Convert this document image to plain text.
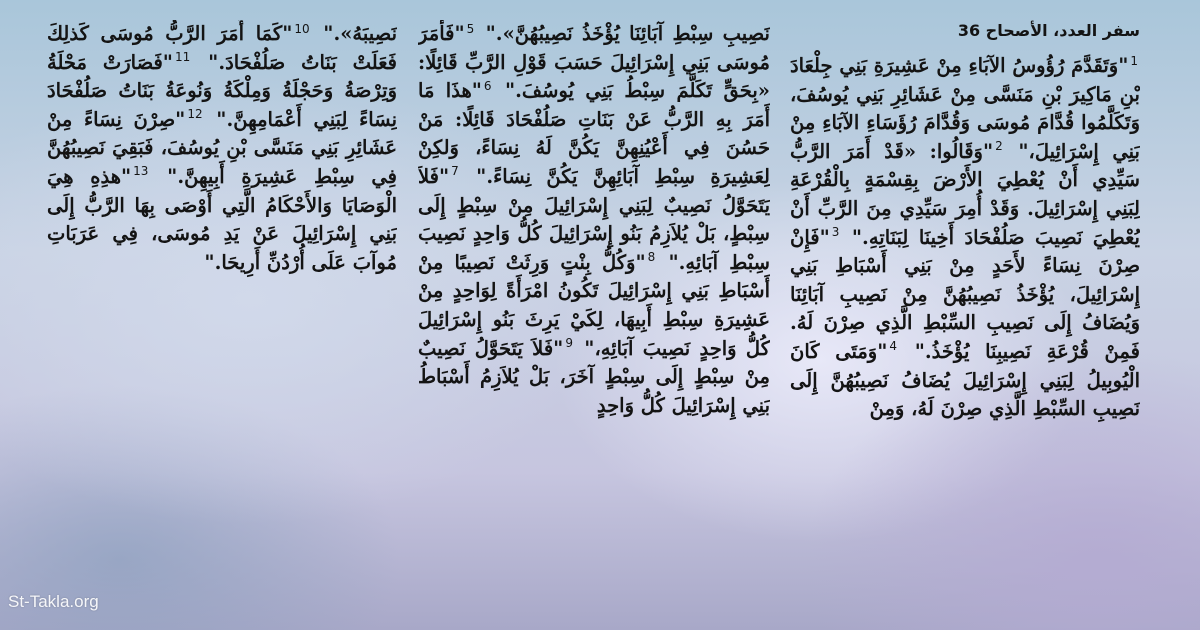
سفر العدد، الأصحاح 36
$^1$"وَتَقَدَّمَ رُؤُوسُ الآبَاءِ مِنْ عَشِيرَةِ بَنِي جِلْعَادَ بْنِ مَاكِيرَ بْنِ مَنَسَّى مِنْ عَشَائِرِ بَنِي يُوسُفَ، وَتَكَلَّمُوا قُدَّامَ مُوسَى وَقُدَّامَ رُؤَسَاءِ الآبَاءِ مِنْ بَنِي إِسْرَائِيلَ،" $^2$"وَقَالُوا: «قَدْ أَمَرَ الرَّبُّ سَيِّدِي أَنْ يُعْطِيَ الأَرْضَ بِقِسْمَةٍ بِالْقُرْعَةِ لِبَنِي إِسْرَائِيلَ. وَقَدْ أُمِرَ سَيِّدِي مِنَ الرَّبِّ أَنْ يُعْطِيَ نَصِيبَ صَلُفْحَادَ أَخِينَا لِبَنَاتِهِ." $^3$"فَإِنْ صِرْنَ نِسَاءً لأَحَدٍ مِنْ بَنِي أَسْبَاطِ بَنِي إِسْرَائِيلَ، يُؤْخَذُ نَصِيبُهُنَّ مِنْ نَصِيبِ آبَائِنَا وَيُضَافُ إِلَى نَصِيبِ السِّبْطِ الَّذِي صِرْنَ لَهُ. فَمِنْ قُرْعَةِ نَصِيبِنَا يُؤْخَذُ." $^4$"وَمَتَى كَانَ الْيُوبِيلُ لِبَنِي إِسْرَائِيلَ يُضَافُ نَصِيبُهُنَّ إِلَى نَصِيبِ السِّبْطِ الَّذِي صِرْنَ لَهُ، وَمِنْ
نَصِيبِ سِبْطِ آبَائِنَا يُؤْخَذُ نَصِيبُهُنَّ»." $^5$"فَأَمَرَ مُوسَى بَنِي إِسْرَائِيلَ حَسَبَ قَوْلِ الرَّبِّ قَائِلًا: «بِحَقٍّ تَكَلَّمَ سِبْطُ بَنِي يُوسُفَ." $^6$"هذَا مَا أَمَرَ بِهِ الرَّبُّ عَنْ بَنَاتِ صَلُفْحَادَ قَائِلًا: مَنْ حَسُنَ فِي أَعْيُنِهِنَّ يَكُنَّ لَهُ نِسَاءً، وَلكِنْ لِعَشِيرَةِ سِبْطِ آبَائِهِنَّ يَكُنَّ نِسَاءً." $^7$"فَلاَ يَتَحَوَّلُ نَصِيبٌ لِبَنِي إِسْرَائِيلَ مِنْ سِبْطٍ إِلَى سِبْطٍ، بَلْ يُلاَزِمُ بَنُو إِسْرَائِيلَ كُلُّ وَاحِدٍ نَصِيبَ سِبْطِ آبَائِهِ." $^8$"وَكُلُّ بِنْتٍ وَرِثَتْ نَصِيبًا مِنْ أَسْبَاطِ بَنِي إِسْرَائِيلَ تَكُونُ امْرَأَةً لِوَاحِدٍ مِنْ عَشِيرَةِ سِبْطِ أَبِيهَا، لِكَيْ يَرِثَ بَنُو إِسْرَائِيلَ كُلُّ وَاحِدٍ نَصِيبَ آبَائِهِ،" $^9$"فَلاَ يَتَحَوَّلُ نَصِيبٌ مِنْ سِبْطٍ إِلَى سِبْطٍ آخَرَ، بَلْ يُلاَزِمُ أَسْبَاطُ بَنِي إِسْرَائِيلَ كُلُّ وَاحِدٍ
نَصِيبَهُ»." $^{10}$"كَمَا أَمَرَ الرَّبُّ مُوسَى كَذلِكَ فَعَلَتْ بَنَاتُ صَلُفْحَادَ." $^{11}$"فَصَارَتْ مَحْلَةُ وَتِرْصَةُ وَحَجْلَةُ وَمِلْكَةُ وَنُوعَةُ بَنَاتُ صَلُفْحَادَ نِسَاءً لِبَنِي أَعْمَامِهِنَّ." $^{12}$"صِرْنَ نِسَاءً مِنْ عَشَائِرِ بَنِي مَنَسَّى بْنِ يُوسُفَ، فَبَقِيَ نَصِيبُهُنَّ فِي سِبْطِ عَشِيرَةِ أَبِيهِنَّ." $^{13}$"هذِهِ هِيَ الْوَصَايَا وَالأَحْكَامُ الَّتِي أَوْصَى بِهَا الرَّبُّ إِلَى بَنِي إِسْرَائِيلَ عَنْ يَدِ مُوسَى، فِي عَرَبَاتِ مُوآبَ عَلَى أُرْدُنِّ أَرِيحَا."
St-Takla.org
